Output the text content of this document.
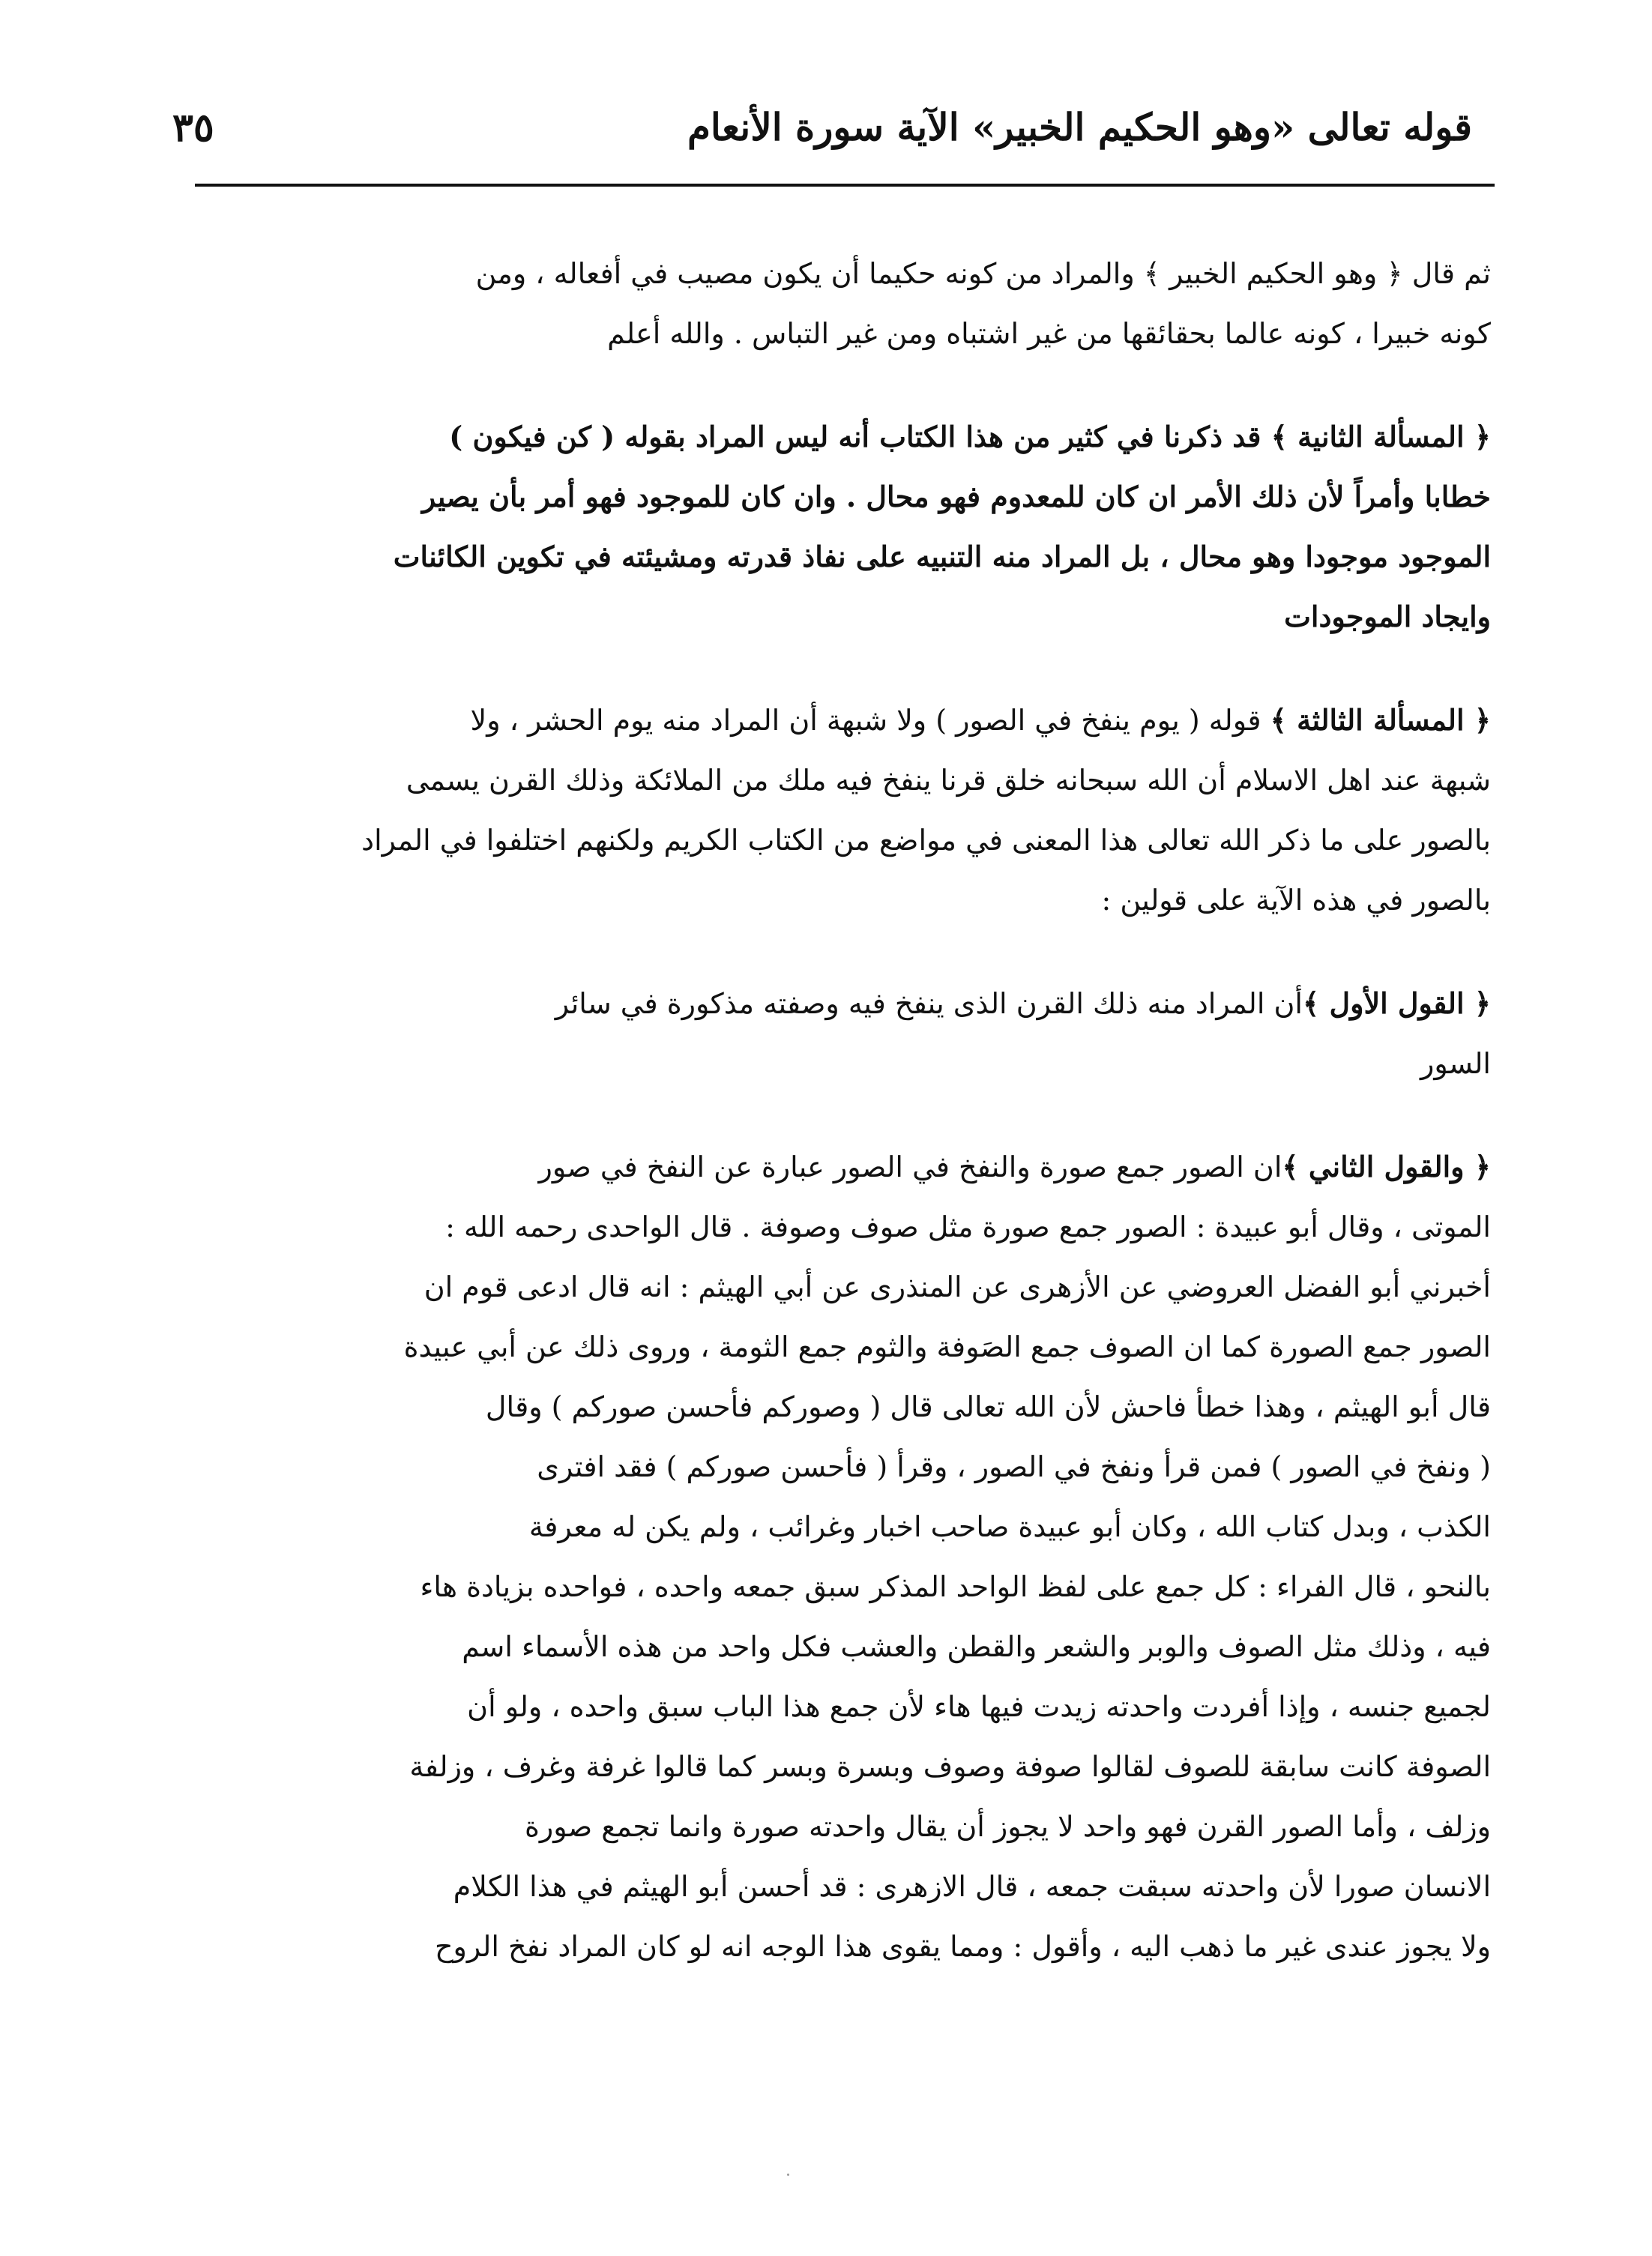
قوله تعالى «وهو الحكيم الخبير» الآية سورة الأنعام
٣٥

ثم قال ﴿ وهو الحكيم الخبير ﴾ والمراد من كونه حكيما أن يكون مصيب في أفعاله ، ومن
كونه خبيرا ، كونه عالما بحقائقها من غير اشتباه ومن غير التباس . والله أعلم

﴿ المسألة الثانية ﴾ قد ذكرنا في كثير من هذا الكتاب أنه ليس المراد بقوله ( كن فيكون )
خطابا وأمراً لأن ذلك الأمر ان كان للمعدوم فهو محال . وان كان للموجود فهو أمر بأن يصير
الموجود موجودا وهو محال ، بل المراد منه التنبيه على نفاذ قدرته ومشيئته في تكوين الكائنات
وايجاد الموجودات

﴿ المسألة الثالثة ﴾ قوله ( يوم ينفخ في الصور ) ولا شبهة أن المراد منه يوم الحشر ، ولا
شبهة عند اهل الاسلام أن الله سبحانه خلق قرنا ينفخ فيه ملك من الملائكة وذلك القرن يسمى
بالصور على ما ذكر الله تعالى هذا المعنى في مواضع من الكتاب الكريم ولكنهم اختلفوا في المراد
بالصور في هذه الآية على قولين :

﴿ القول الأول ﴾أن المراد منه ذلك القرن الذى ينفخ فيه وصفته مذكورة في سائر
السور

﴿ والقول الثاني ﴾ان الصور جمع صورة والنفخ في الصور عبارة عن النفخ في صور
الموتى ، وقال أبو عبيدة : الصور جمع صورة مثل صوف وصوفة . قال الواحدى رحمه الله :
أخبرني أبو الفضل العروضي عن الأزهرى عن المنذرى عن أبي الهيثم : انه قال ادعى قوم ان
الصور جمع الصورة كما ان الصوف جمع الصَوفة والثوم جمع الثومة ، وروى ذلك عن أبي عبيدة
قال أبو الهيثم ، وهذا خطأ فاحش لأن الله تعالى قال ( وصوركم فأحسن صوركم ) وقال
( ونفخ في الصور ) فمن قرأ ونفخ في الصور ، وقرأ ( فأحسن صوركم ) فقد افترى
الكذب ، وبدل كتاب الله ، وكان أبو عبيدة صاحب اخبار وغرائب ، ولم يكن له معرفة
بالنحو ، قال الفراء : كل جمع على لفظ الواحد المذكر سبق جمعه واحده ، فواحده بزيادة هاء
فيه ، وذلك مثل الصوف والوبر والشعر والقطن والعشب فكل واحد من هذه الأسماء اسم
لجميع جنسه ، وإذا أفردت واحدته زيدت فيها هاء لأن جمع هذا الباب سبق واحده ، ولو أن
الصوفة كانت سابقة للصوف لقالوا صوفة وصوف وبسرة وبسر كما قالوا غرفة وغرف ، وزلفة
وزلف ، وأما الصور القرن فهو واحد لا يجوز أن يقال واحدته صورة وانما تجمع صورة
الانسان صورا لأن واحدته سبقت جمعه ، قال الازهرى : قد أحسن أبو الهيثم في هذا الكلام
ولا يجوز عندى غير ما ذهب اليه ، وأقول : ومما يقوى هذا الوجه انه لو كان المراد نفخ الروح
